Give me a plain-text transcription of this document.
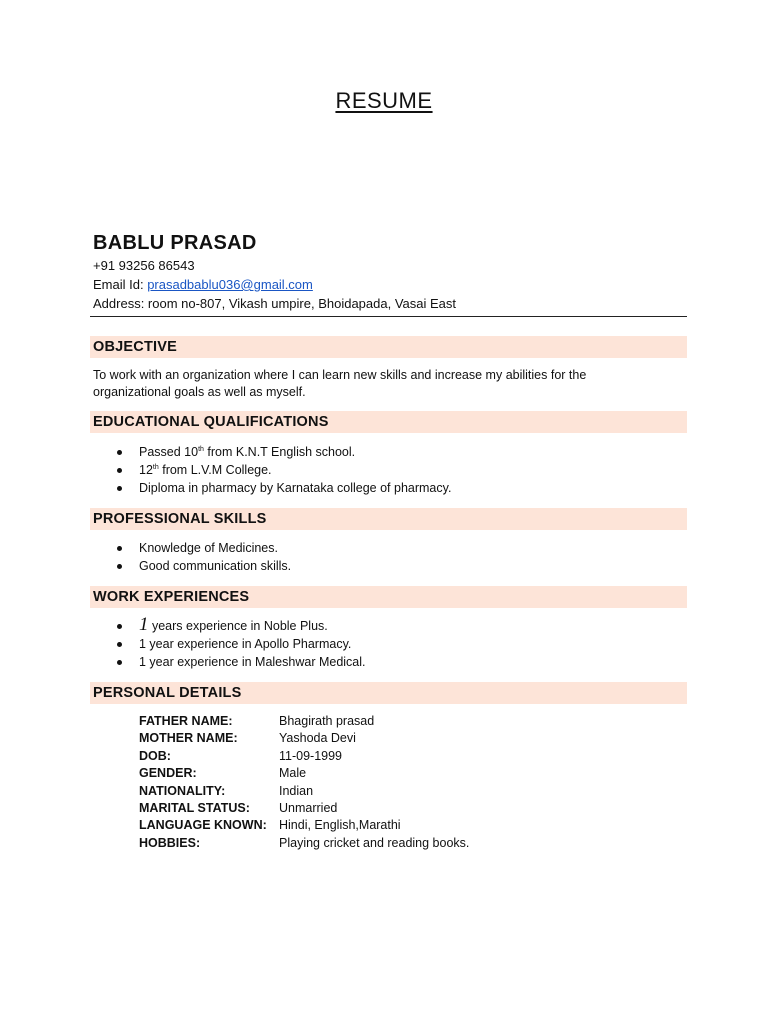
RESUME
BABLU PRASAD
+91 93256 86543
Email Id: prasadbablu036@gmail.com
Address: room no-807, Vikash umpire, Bhoidapada, Vasai East
OBJECTIVE
To work with an organization where I can learn new skills and increase my abilities for the organizational goals as well as myself.
EDUCATIONAL QUALIFICATIONS
Passed 10th from K.N.T English school.
12th from L.V.M College.
Diploma in pharmacy by Karnataka college of pharmacy.
PROFESSIONAL SKILLS
Knowledge of Medicines.
Good communication skills.
WORK EXPERIENCES
1 years experience in Noble Plus.
1 year experience in Apollo Pharmacy.
1 year experience in Maleshwar Medical.
PERSONAL DETAILS
FATHER NAME:	Bhagirath prasad
MOTHER NAME:	Yashoda Devi
DOB:	11-09-1999
GENDER:	Male
NATIONALITY:	Indian
MARITAL STATUS: Unmarried
LANGUAGE KNOWN: Hindi, English,Marathi
HOBBIES:	Playing cricket and reading books.
